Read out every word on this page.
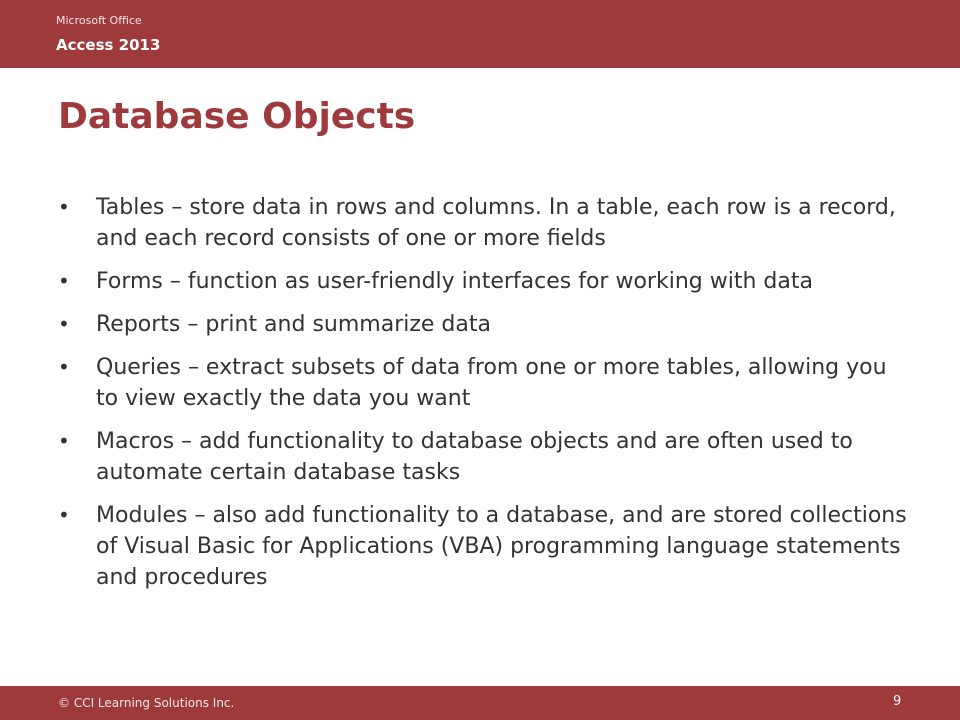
Microsoft Office
Access 2013
Database Objects
• Tables – store data in rows and columns. In a table, each row is a record, and each record consists of one or more fields
• Forms – function as user-friendly interfaces for working with data
• Reports – print and summarize data
• Queries – extract subsets of data from one or more tables, allowing you to view exactly the data you want
• Macros – add functionality to database objects and are often used to automate certain database tasks
• Modules – also add functionality to a database, and are stored collections of Visual Basic for Applications (VBA) programming language statements and procedures
© CCI Learning Solutions Inc.	9
